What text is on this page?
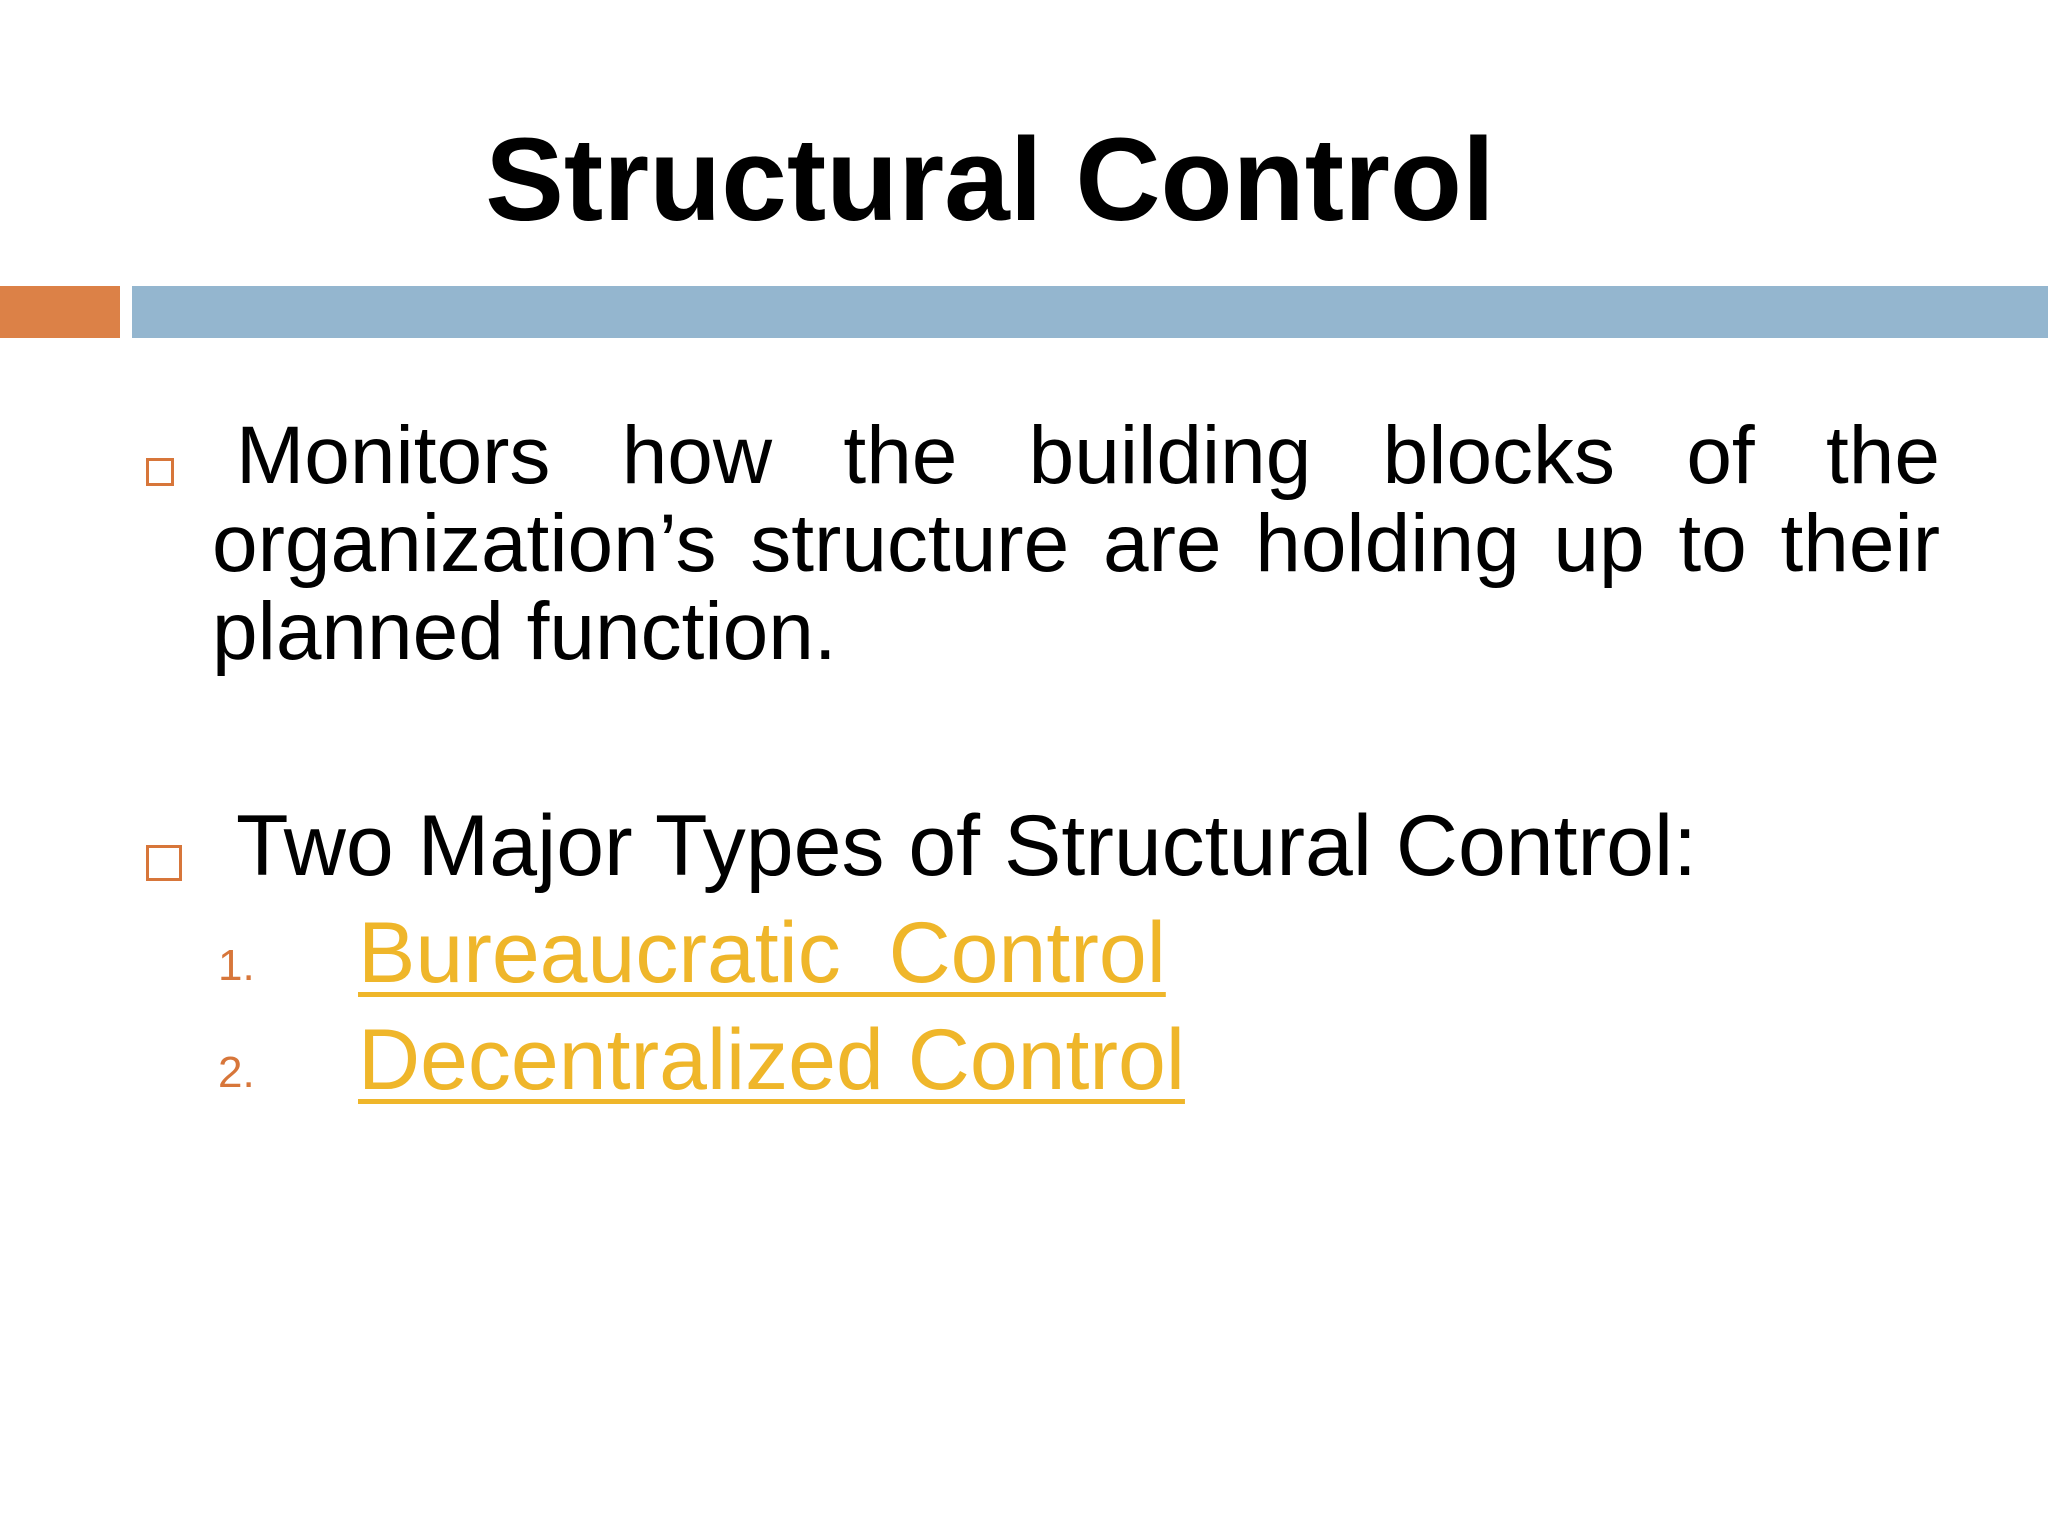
Structural Control

Monitors how the building blocks of the organization’s structure are holding up to their planned function.

Two Major Types of Structural Control:

1. Bureaucratic  Control
2. Decentralized Control
